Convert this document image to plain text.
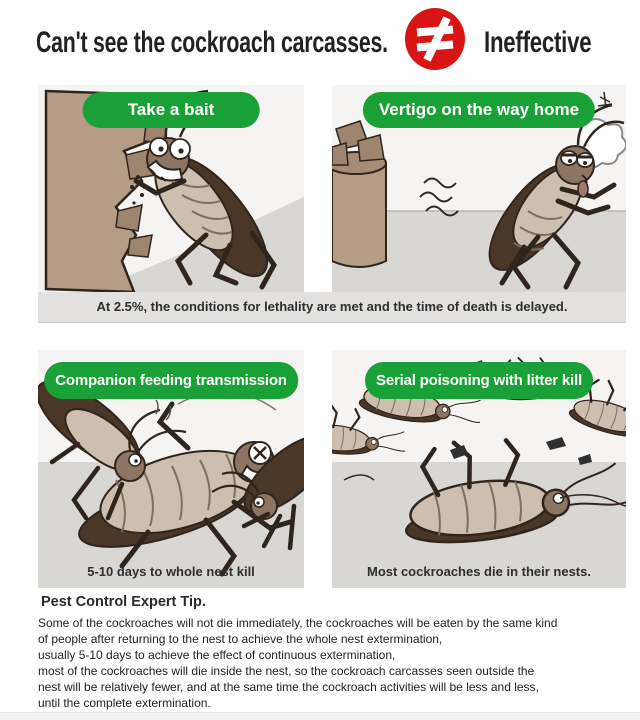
Can't see the cockroach carcasses.	Ineffective
Take a bait	Vertigo on the way home
At 2.5%, the conditions for lethality are met and the time of death is delayed.
Companion feeding transmission
5-10 days to whole nest kill
Serial poisoning with litter kill
Most cockroaches die in their nests.
Pest Control Expert Tip.
Some of the cockroaches will not die immediately, the cockroaches will be eaten by the same kind
of people after returning to the nest to achieve the whole nest extermination,
usually 5-10 days to achieve the effect of continuous extermination,
most of the cockroaches will die inside the nest, so the cockroach carcasses seen outside the
nest will be relatively fewer, and at the same time the cockroach activities will be less and less,
until the complete extermination.
